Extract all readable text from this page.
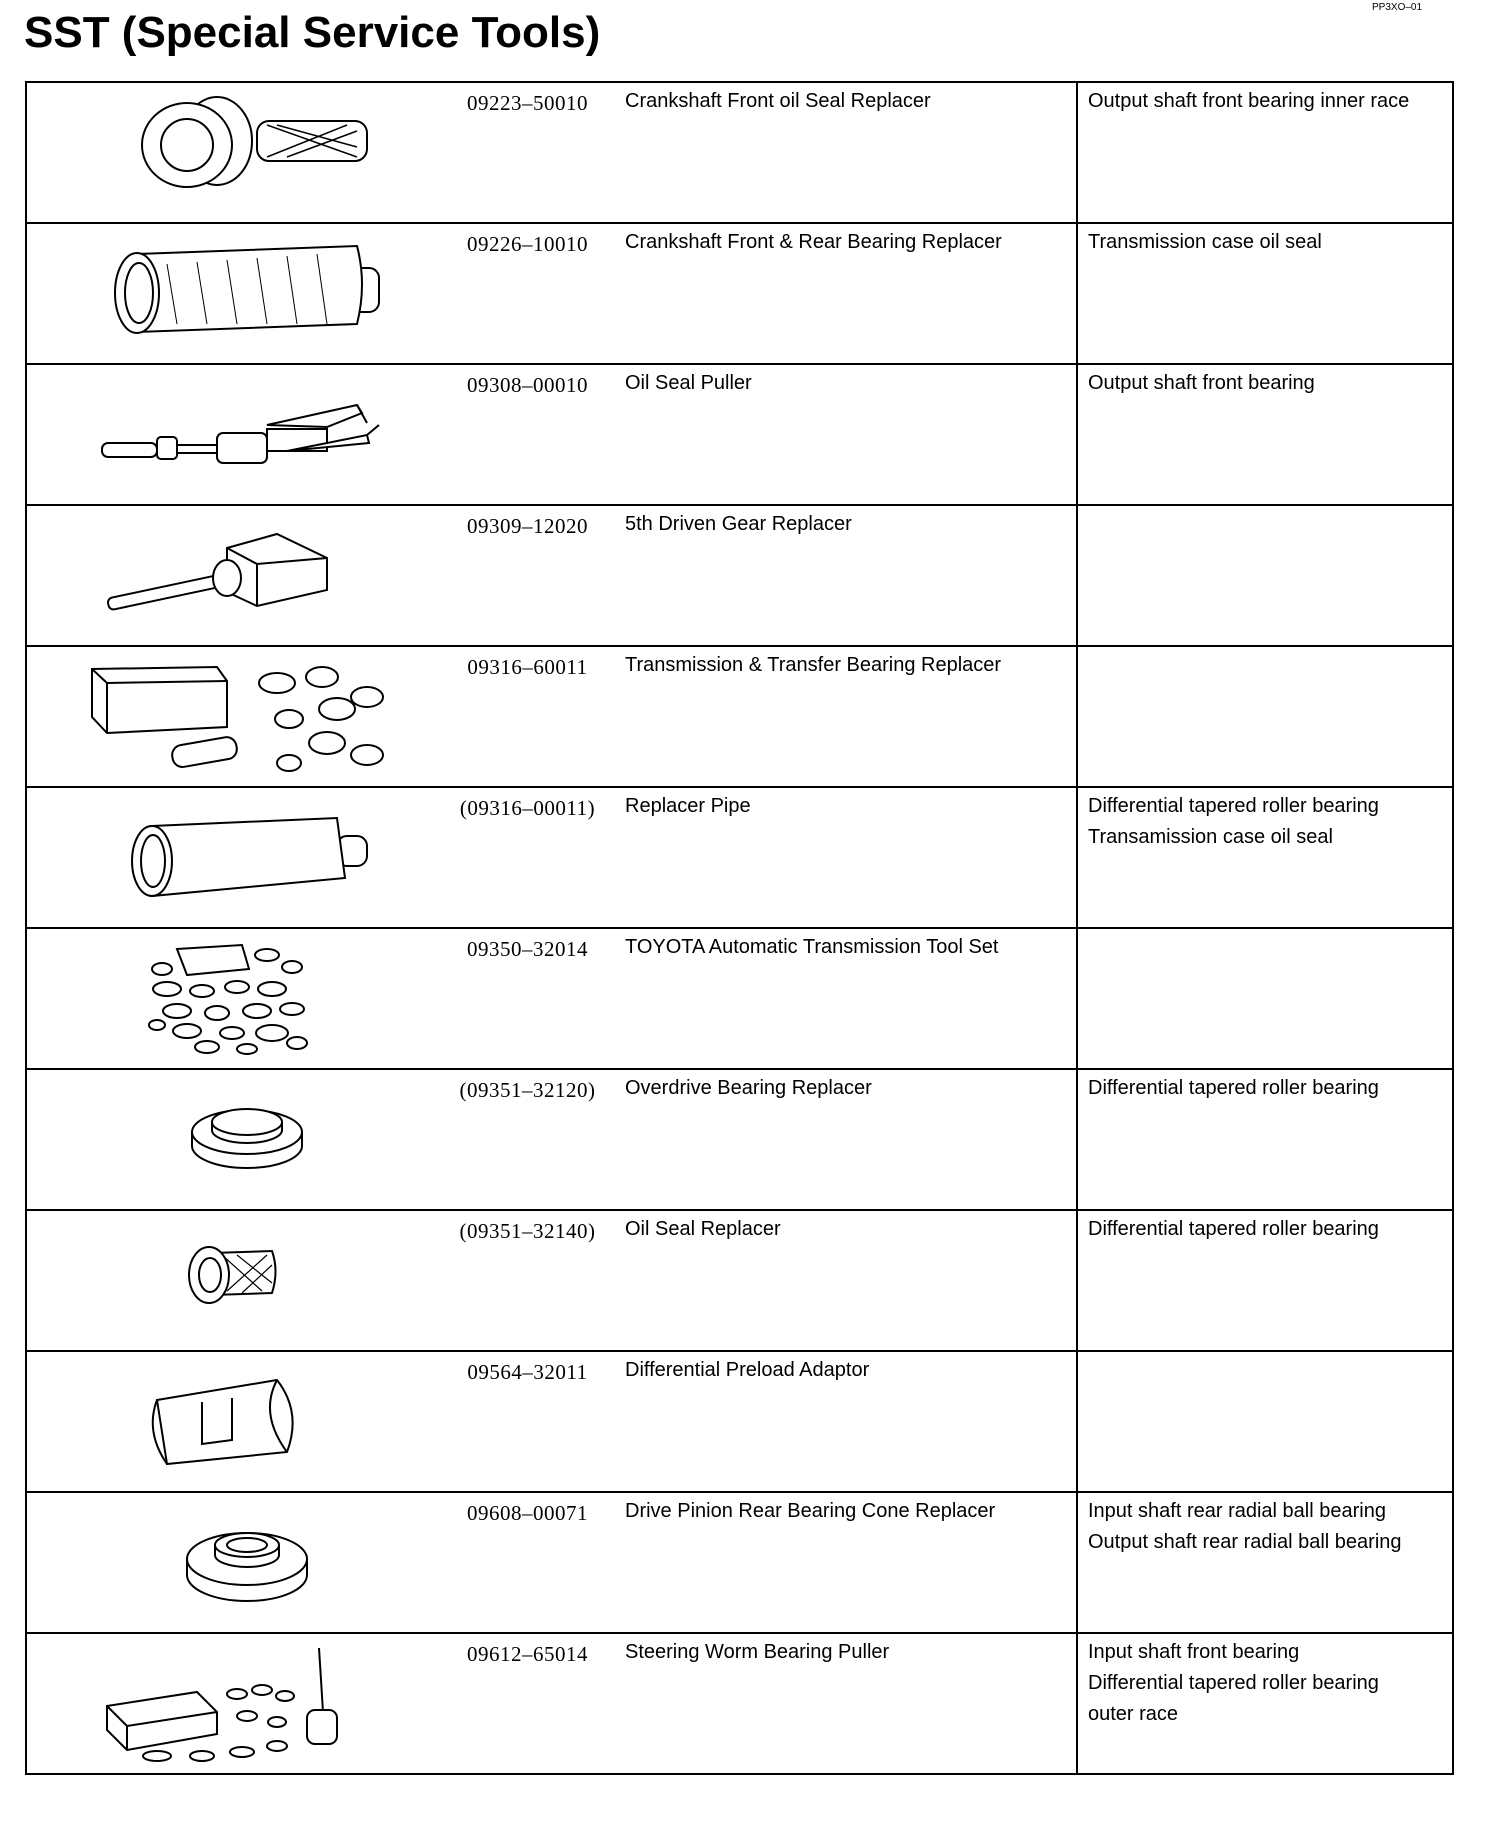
PP3XO–01
SST (Special Service Tools)
	09223–50010	Crankshaft Front oil Seal Replacer	Output shaft front bearing inner race

	09226–10010	Crankshaft Front & Rear Bearing Replacer	Transmission case oil seal

	09308–00010	Oil Seal Puller	Output shaft front bearing

	09309–12020	5th Driven Gear Replacer	

	09316–60011	Transmission & Transfer Bearing Replacer	

	(09316–00011)	Replacer Pipe	Differential tapered roller bearing
Transamission case oil seal

	09350–32014	TOYOTA Automatic Transmission Tool Set	

	(09351–32120)	Overdrive Bearing Replacer	Differential tapered roller bearing

	(09351–32140)	Oil Seal Replacer	Differential tapered roller bearing

	09564–32011	Differential Preload Adaptor	

	09608–00071	Drive Pinion Rear Bearing Cone Replacer	Input shaft rear radial ball bearing
Output shaft rear radial ball bearing

	09612–65014	Steering Worm Bearing Puller	Input shaft front bearing
Differential tapered roller bearing
outer race
